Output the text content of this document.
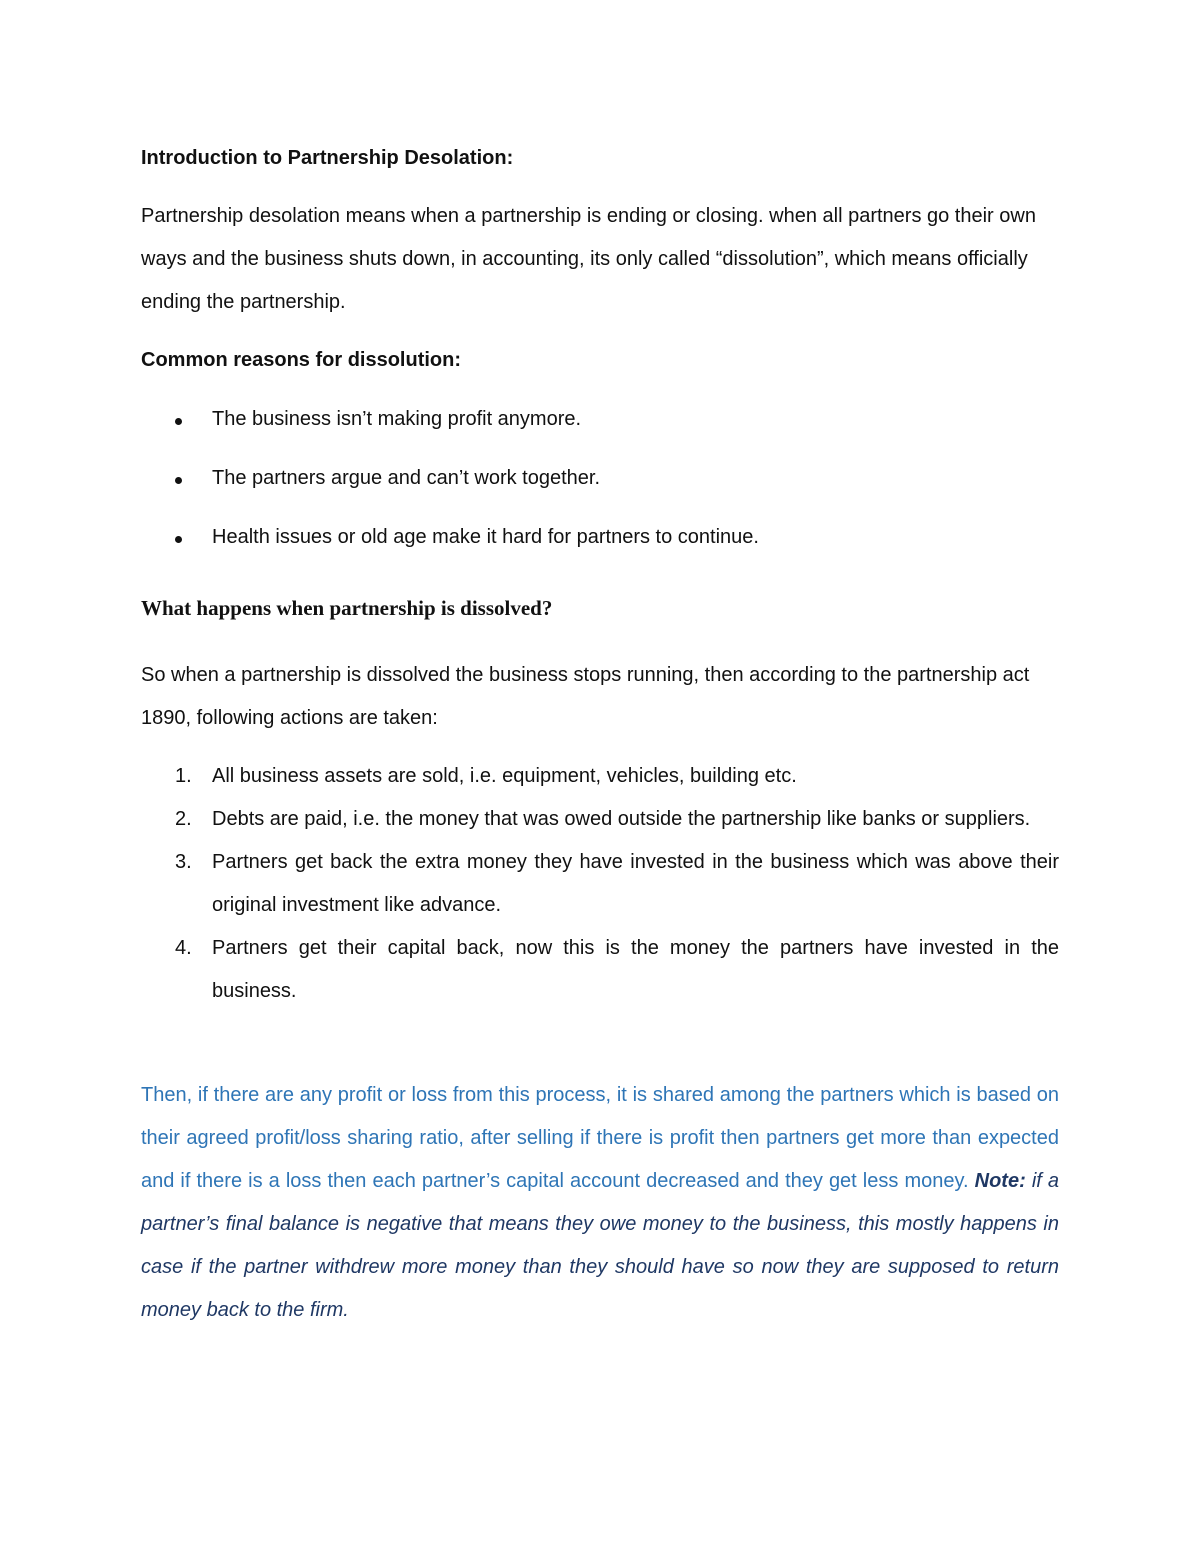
Introduction to Partnership Desolation:

Partnership desolation means when a partnership is ending or closing. when all partners go their own ways and the business shuts down, in accounting, its only called “dissolution”, which means officially ending the partnership.

Common reasons for dissolution:

The business isn’t making profit anymore.
The partners argue and can’t work together.
Health issues or old age make it hard for partners to continue.

What happens when partnership is dissolved?

So when a partnership is dissolved the business stops running, then according to the partnership act 1890, following actions are taken:

1. All business assets are sold, i.e. equipment, vehicles, building etc.
2. Debts are paid, i.e. the money that was owed outside the partnership like banks or suppliers.
3. Partners get back the extra money they have invested in the business which was above their original investment like advance.
4. Partners get their capital back, now this is the money the partners have invested in the business.

Then, if there are any profit or loss from this process, it is shared among the partners which is based on their agreed profit/loss sharing ratio, after selling if there is profit then partners get more than expected and if there is a loss then each partner’s capital account decreased and they get less money. Note: if a partner’s final balance is negative that means they owe money to the business, this mostly happens in case if the partner withdrew more money than they should have so now they are supposed to return money back to the firm.
